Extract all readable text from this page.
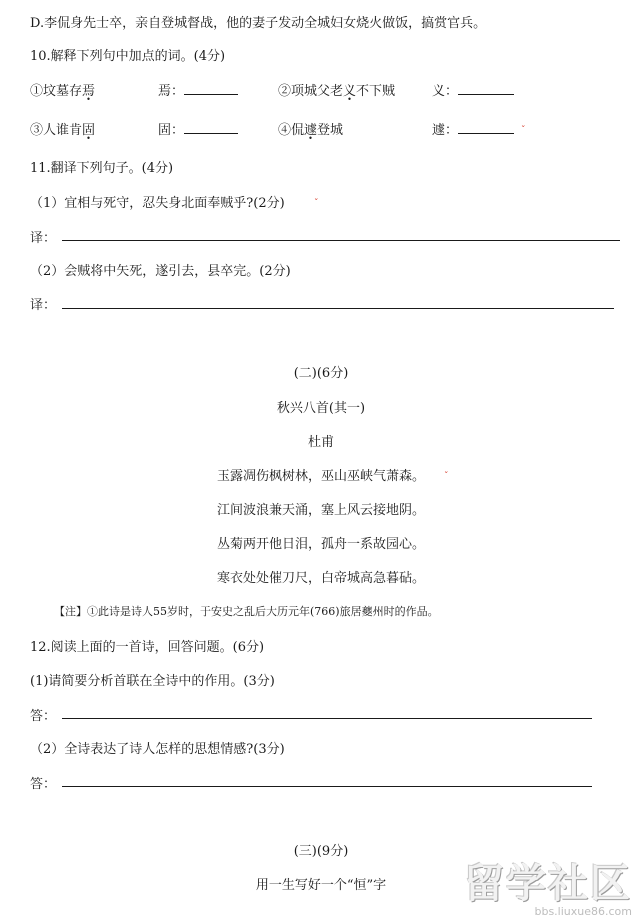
D.李侃身先士卒，亲自登城督战，他的妻子发动全城妇女烧火做饭，搞赏官兵。
10.解释下列句中加点的词。(4分)
①坟墓存焉	焉：	②项城父老义不下贼	义：
③人谁肯固	固：	④侃遽登城	遽：	ˇ
11.翻译下列句子。(4分)
（1）宜相与死守，忍失身北面奉贼乎?(2分)	ˇ
译：
（2）会贼将中矢死，遂引去，县卒完。(2分)
译：
(二)(6分)
秋兴八首(其一)
杜甫
玉露凋伤枫树林，巫山巫峡气萧森。	ˇ
江间波浪兼天涌，塞上风云接地阴。
丛菊两开他日泪，孤舟一系故园心。
寒衣处处催刀尺，白帝城高急暮砧。
【注】①此诗是诗人55岁时，于安史之乱后大历元年(766)旅居夔州时的作品。
12.阅读上面的一首诗，回答问题。(6分)
(1)请简要分析首联在全诗中的作用。(3分)
答：
（2）全诗表达了诗人怎样的思想情感?(3分)
答：
(三)(9分)
用一生写好一个“恒”字	留学社区
bbs.liuxue86.com
